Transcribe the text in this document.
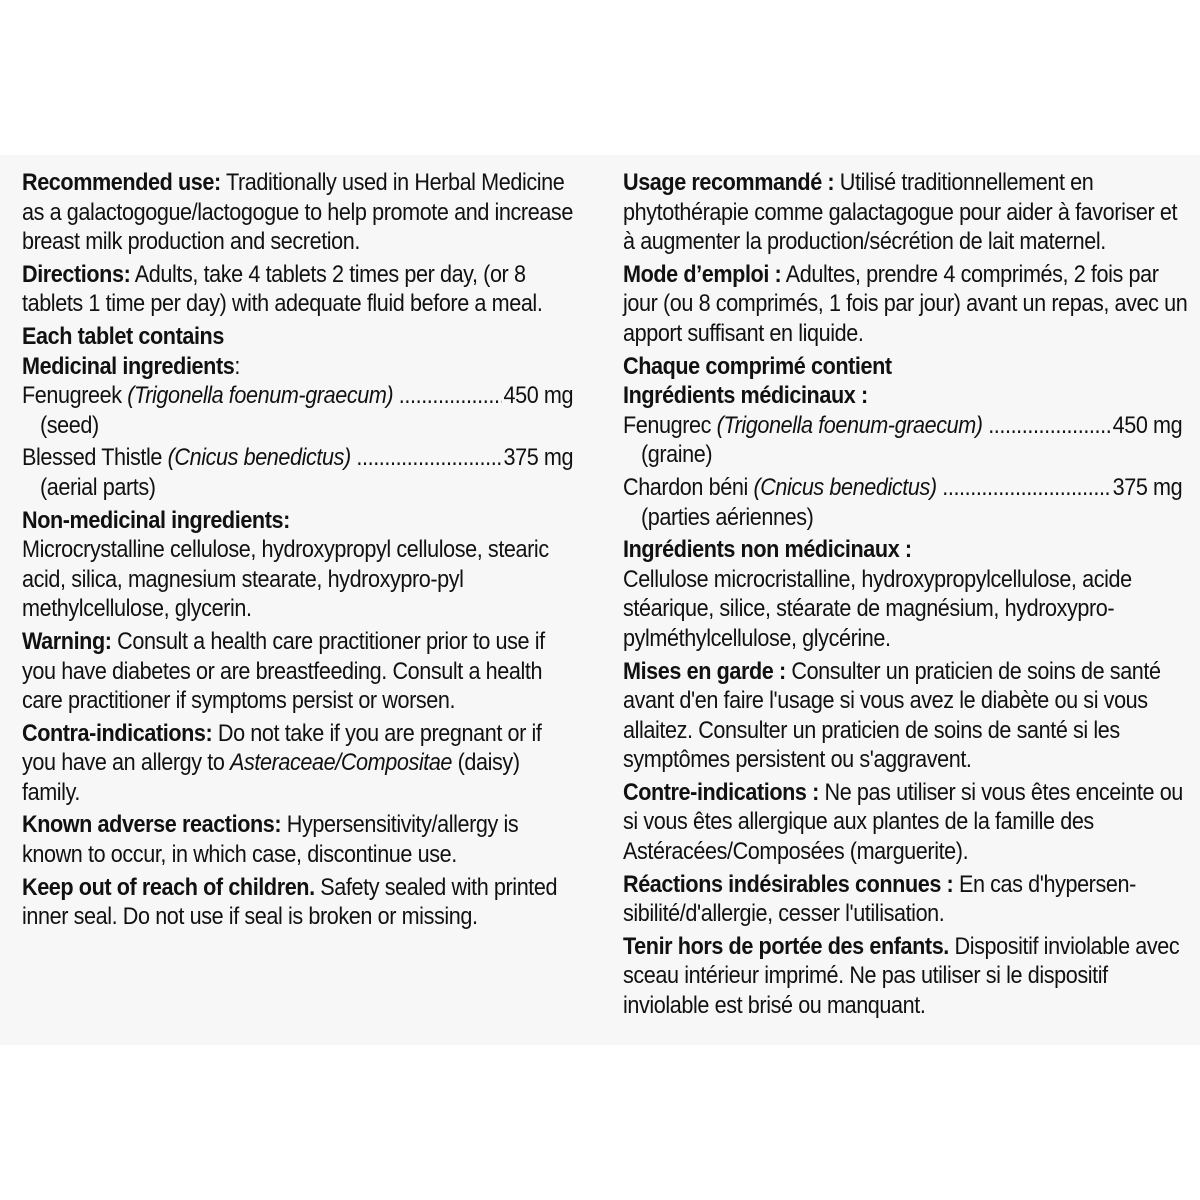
Recommended use: Traditionally used in Herbal Medicine as a galactogogue/lactogogue to help promote and increase breast milk production and secretion.

Directions: Adults, take 4 tablets 2 times per day, (or 8 tablets 1 time per day) with adequate fluid before a meal.

Each tablet contains

Medicinal ingredients:

Fenugreek (Trigonella foenum-graecum) .....	450 mg

(seed)

Blessed Thistle (Cnicus benedictus) .....	375 mg

(aerial parts)

Non-medicinal ingredients:
Microcrystalline cellulose, hydroxypropyl cellulose, stearic acid, silica, magnesium stearate, hydroxypro-pyl methylcellulose, glycerin.

Warning: Consult a health care practitioner prior to use if you have diabetes or are breastfeeding. Consult a health care practitioner if symptoms persist or worsen.

Contra-indications: Do not take if you are pregnant or if you have an allergy to Asteraceae/Compositae (daisy) family.

Known adverse reactions: Hypersensitivity/allergy is known to occur, in which case, discontinue use.

Keep out of reach of children. Safety sealed with printed inner seal. Do not use if seal is broken or missing.

Usage recommandé : Utilisé traditionnellement en phytothérapie comme galactagogue pour aider à favoriser et à augmenter la production/sécrétion de lait maternel.

Mode d’emploi : Adultes, prendre 4 comprimés, 2 fois par jour (ou 8 comprimés, 1 fois par jour) avant un repas, avec un apport suffisant en liquide.

Chaque comprimé contient

Ingrédients médicinaux :

Fenugrec (Trigonella foenum-graecum) .....	450 mg

(graine)

Chardon béni (Cnicus benedictus) .....	375 mg

(parties aériennes)

Ingrédients non médicinaux :
Cellulose microcristalline, hydroxypropylcellulose, acide stéarique, silice, stéarate de magnésium, hydroxypro-pylméthylcellulose, glycérine.

Mises en garde : Consulter un praticien de soins de santé avant d'en faire l'usage si vous avez le diabète ou si vous allaitez. Consulter un praticien de soins de santé si les symptômes persistent ou s'aggravent.

Contre-indications : Ne pas utiliser si vous êtes enceinte ou si vous êtes allergique aux plantes de la famille des Astéracées/Composées (marguerite).

Réactions indésirables connues : En cas d'hypersen-sibilité/d'allergie, cesser l'utilisation.

Tenir hors de portée des enfants. Dispositif inviolable avec sceau intérieur imprimé. Ne pas utiliser si le dispositif inviolable est brisé ou manquant.
